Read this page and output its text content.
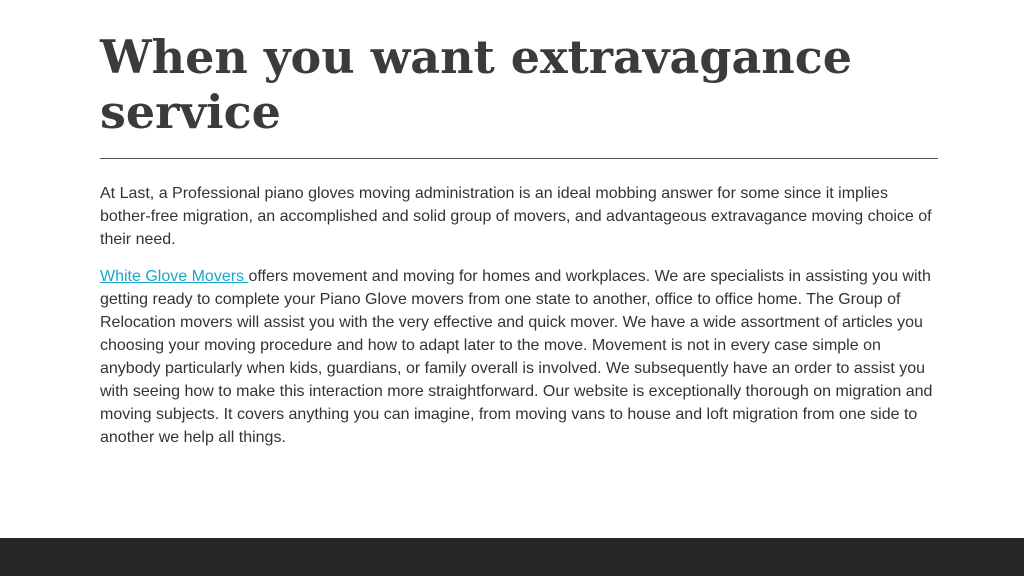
When you want extravagance service

At Last, a Professional piano gloves moving administration is an ideal mobbing answer for some since it implies bother-free migration, an accomplished and solid group of movers, and advantageous extravagance moving choice of their need.

White Glove Movers offers movement and moving for homes and workplaces. We are specialists in assisting you with getting ready to complete your Piano Glove movers from one state to another, office to office home. The Group of Relocation movers will assist you with the very effective and quick mover. We have a wide assortment of articles you choosing your moving procedure and how to adapt later to the move. Movement is not in every case simple on anybody particularly when kids, guardians, or family overall is involved. We subsequently have an order to assist you with seeing how to make this interaction more straightforward. Our website is exceptionally thorough on migration and moving subjects. It covers anything you can imagine, from moving vans to house and loft migration from one side to another we help all things.
